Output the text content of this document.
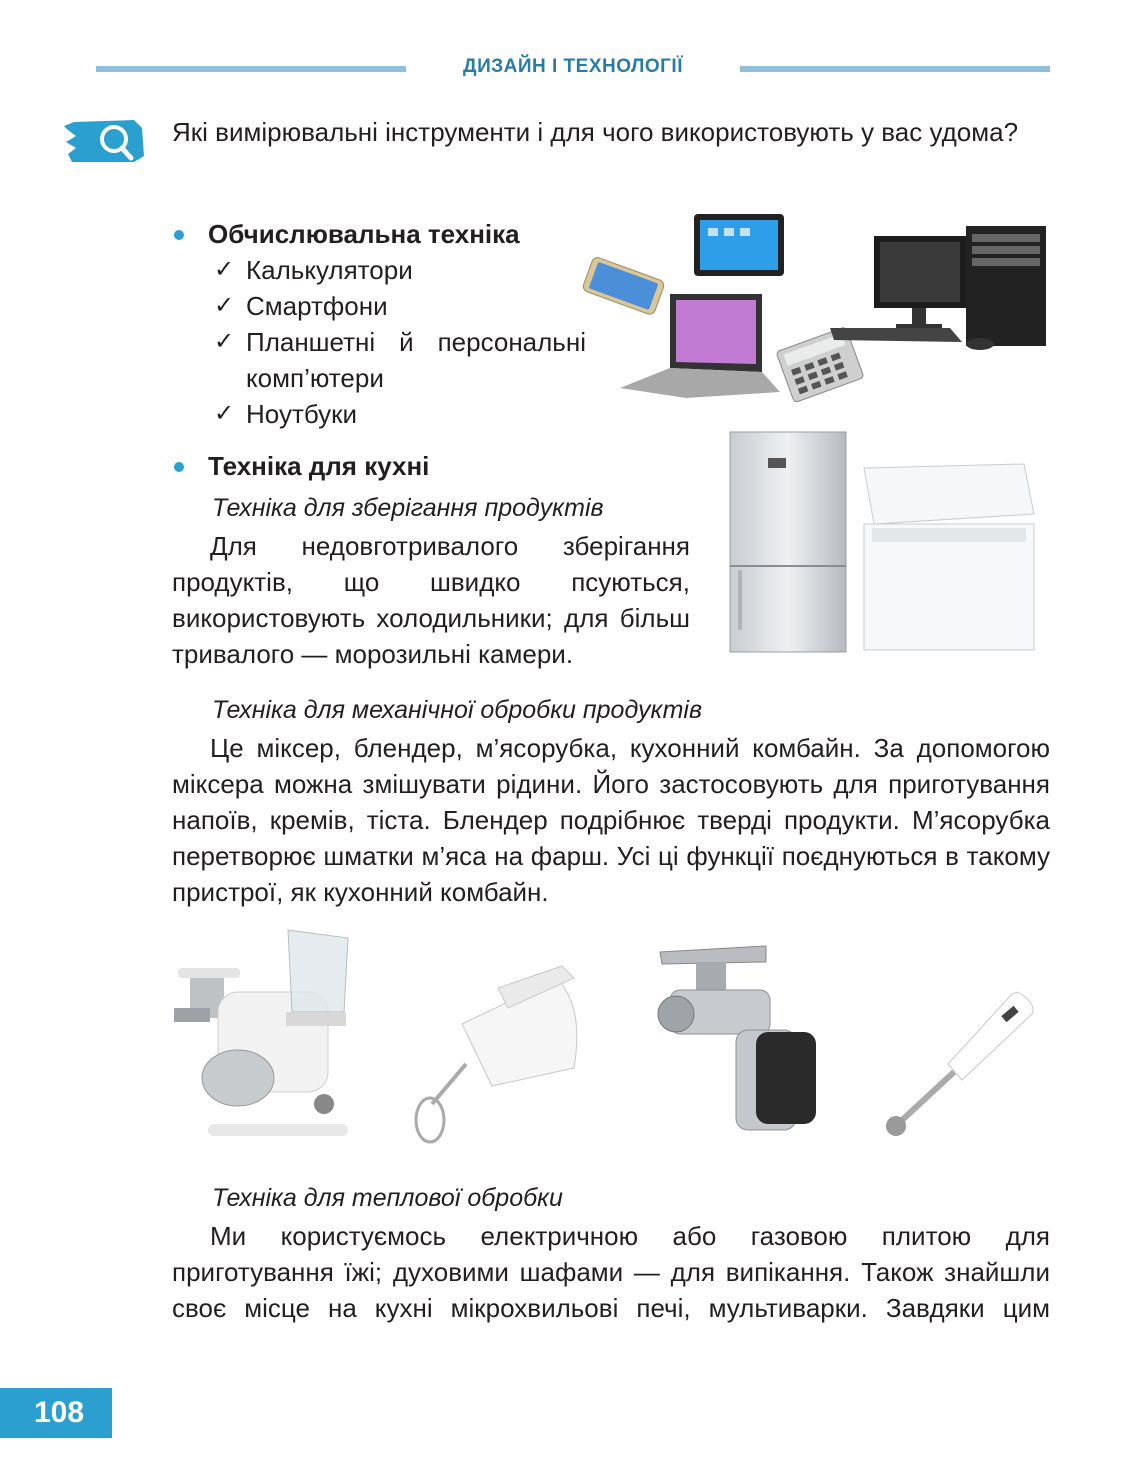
ДИЗАЙН І ТЕХНОЛОГІЇ
Які вимірювальні інструменти і для чого використовують у вас удома?
Обчислювальна техніка
✓ Калькулятори
✓ Смартфони
✓ Планшетні й персональні комп’ютери
✓ Ноутбуки
Техніка для кухні
Техніка для зберігання продуктів
Для недовготривалого зберігання продуктів, що швидко псуються, використовують холодильники; для більш тривалого — морозильні камери.
Техніка для механічної обробки продуктів
Це міксер, блендер, м’ясорубка, кухонний комбайн. За допомогою міксера можна змішувати рідини. Його застосовують для приготування напоїв, кремів, тіста. Блендер подрібнює тверді продукти. М’ясорубка перетворює шматки м’яса на фарш. Усі ці функції поєднуються в такому пристрої, як кухонний комбайн.
Техніка для теплової обробки
Ми користуємось електричною або газовою плитою для приготування їжі; духовими шафами — для випікання. Також знайшли своє місце на кухні мікрохвильові печі, мультиварки. Завдяки цим
108
